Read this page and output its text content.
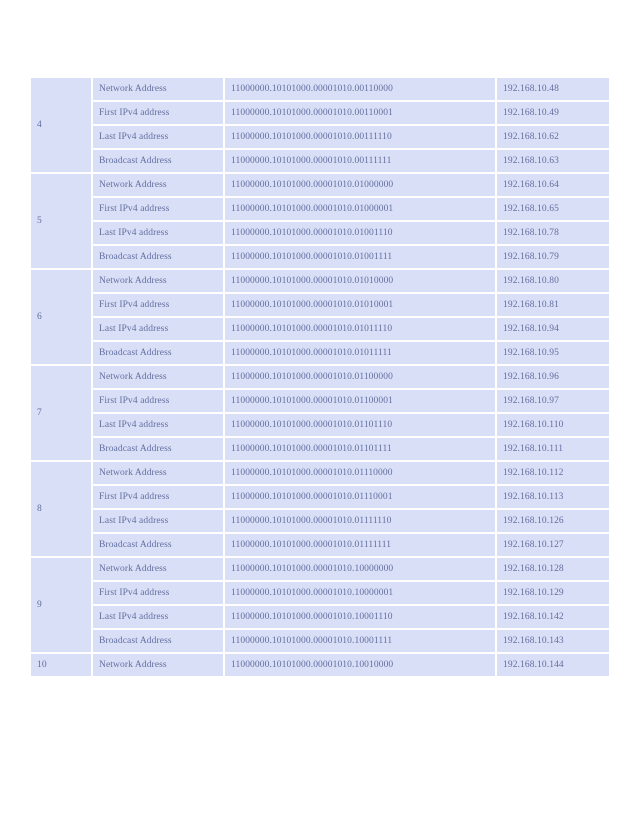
4	Network Address	11000000.10101000.00001010.00110000	192.168.10.48
	First IPv4 address	11000000.10101000.00001010.00110001	192.168.10.49
	Last IPv4 address	11000000.10101000.00001010.00111110	192.168.10.62
	Broadcast Address	11000000.10101000.00001010.00111111	192.168.10.63
5	Network Address	11000000.10101000.00001010.01000000	192.168.10.64
	First IPv4 address	11000000.10101000.00001010.01000001	192.168.10.65
	Last IPv4 address	11000000.10101000.00001010.01001110	192.168.10.78
	Broadcast Address	11000000.10101000.00001010.01001111	192.168.10.79
6	Network Address	11000000.10101000.00001010.01010000	192.168.10.80
	First IPv4 address	11000000.10101000.00001010.01010001	192.168.10.81
	Last IPv4 address	11000000.10101000.00001010.01011110	192.168.10.94
	Broadcast Address	11000000.10101000.00001010.01011111	192.168.10.95
7	Network Address	11000000.10101000.00001010.01100000	192.168.10.96
	First IPv4 address	11000000.10101000.00001010.01100001	192.168.10.97
	Last IPv4 address	11000000.10101000.00001010.01101110	192.168.10.110
	Broadcast Address	11000000.10101000.00001010.01101111	192.168.10.111
8	Network Address	11000000.10101000.00001010.01110000	192.168.10.112
	First IPv4 address	11000000.10101000.00001010.01110001	192.168.10.113
	Last IPv4 address	11000000.10101000.00001010.01111110	192.168.10.126
	Broadcast Address	11000000.10101000.00001010.01111111	192.168.10.127
9	Network Address	11000000.10101000.00001010.10000000	192.168.10.128
	First IPv4 address	11000000.10101000.00001010.10000001	192.168.10.129
	Last IPv4 address	11000000.10101000.00001010.10001110	192.168.10.142
	Broadcast Address	11000000.10101000.00001010.10001111	192.168.10.143
10	Network Address	11000000.10101000.00001010.10010000	192.168.10.144
